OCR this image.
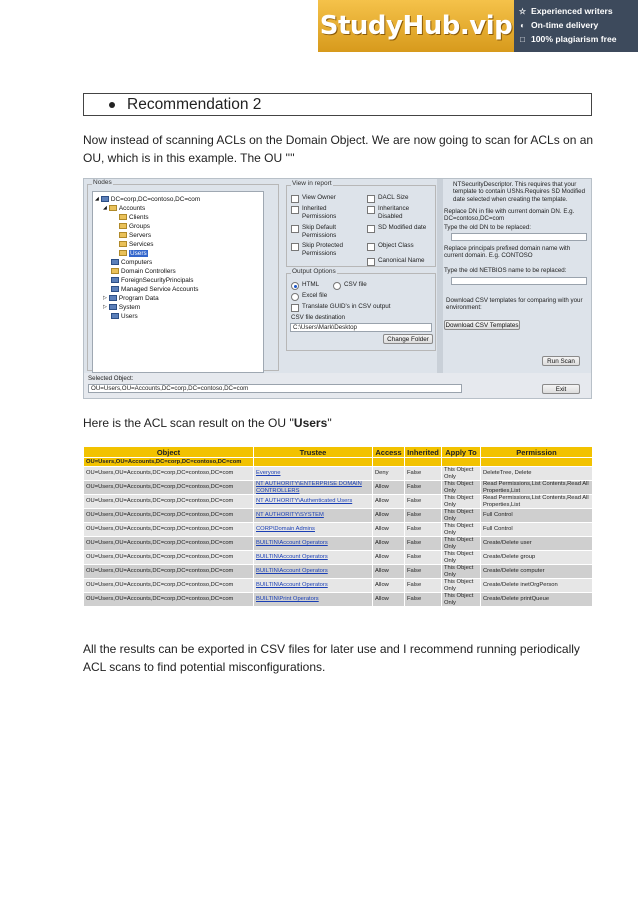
StudyHub.vip ☆ Experienced writers
◐ On-time delivery
□ 100% plagiarism free
Recommendation 2
Now instead of scanning ACLs on the Domain Object. We are now going to scan for ACLs on an
OU, which is in this example. The OU ''''
Nodes
◢ DC=corp,DC=contoso,DC=com
◢ Accounts
Clients
Groups
Servers
Services
Users
Computers
Domain Controllers
ForeignSecurityPrincipals
Managed Service Accounts
▷ Program Data
▷ System
Users
View in report
View Owner
Inherited Permissions
Skip Default Permissions
Skip Protected Permissions
DACL Size
Inheritance Disabled
SD Modified date
Object Class
Canonical Name
Output Options
HTML	CSV file
Excel file
Translate GUID's in CSV output
CSV file destination
C:\Users\Mark\Desktop
Change Folder
NTSecurityDescriptor. This requires that your template to contain USNs.Requires SD Modified date selected when creating the template.
Replace DN in file with current domain DN. E.g. DC=contoso,DC=com
Type the old DN to be replaced:
Replace principals prefixed domain name with current domain. E.g. CONTOSO
Type the old NETBIOS name to be replaced:
Download CSV templates for comparing with your environment:
Download CSV Templates
Run Scan
Selected Object:
OU=Users,OU=Accounts,DC=corp,DC=contoso,DC=com	Exit
Here is the ACL scan result on the OU ''Users''
Object	Trustee	Access	Inherited	Apply To	Permission
OU=Users,OU=Accounts,DC=corp,DC=contoso,DC=com					
OU=Users,OU=Accounts,DC=corp,DC=contoso,DC=com	Everyone	Deny	False	This Object Only	DeleteTree, Delete
OU=Users,OU=Accounts,DC=corp,DC=contoso,DC=com	NT AUTHORITY\ENTERPRISE DOMAIN CONTROLLERS	Allow	False	This Object Only	Read Permissions,List Contents,Read All Properties,List
OU=Users,OU=Accounts,DC=corp,DC=contoso,DC=com	NT AUTHORITY\Authenticated Users	Allow	False	This Object Only	Read Permissions,List Contents,Read All Properties,List
OU=Users,OU=Accounts,DC=corp,DC=contoso,DC=com	NT AUTHORITY\SYSTEM	Allow	False	This Object Only	Full Control
OU=Users,OU=Accounts,DC=corp,DC=contoso,DC=com	CORP\Domain Admins	Allow	False	This Object Only	Full Control
OU=Users,OU=Accounts,DC=corp,DC=contoso,DC=com	BUILTIN\Account Operators	Allow	False	This Object Only	Create/Delete user
OU=Users,OU=Accounts,DC=corp,DC=contoso,DC=com	BUILTIN\Account Operators	Allow	False	This Object Only	Create/Delete group
OU=Users,OU=Accounts,DC=corp,DC=contoso,DC=com	BUILTIN\Account Operators	Allow	False	This Object Only	Create/Delete computer
OU=Users,OU=Accounts,DC=corp,DC=contoso,DC=com	BUILTIN\Account Operators	Allow	False	This Object Only	Create/Delete inetOrgPerson
OU=Users,OU=Accounts,DC=corp,DC=contoso,DC=com	BUILTIN\Print Operators	Allow	False	This Object Only	Create/Delete printQueue
All the results can be exported in CSV files for later use and I recommend running periodically
ACL scans to find potential misconfigurations.
